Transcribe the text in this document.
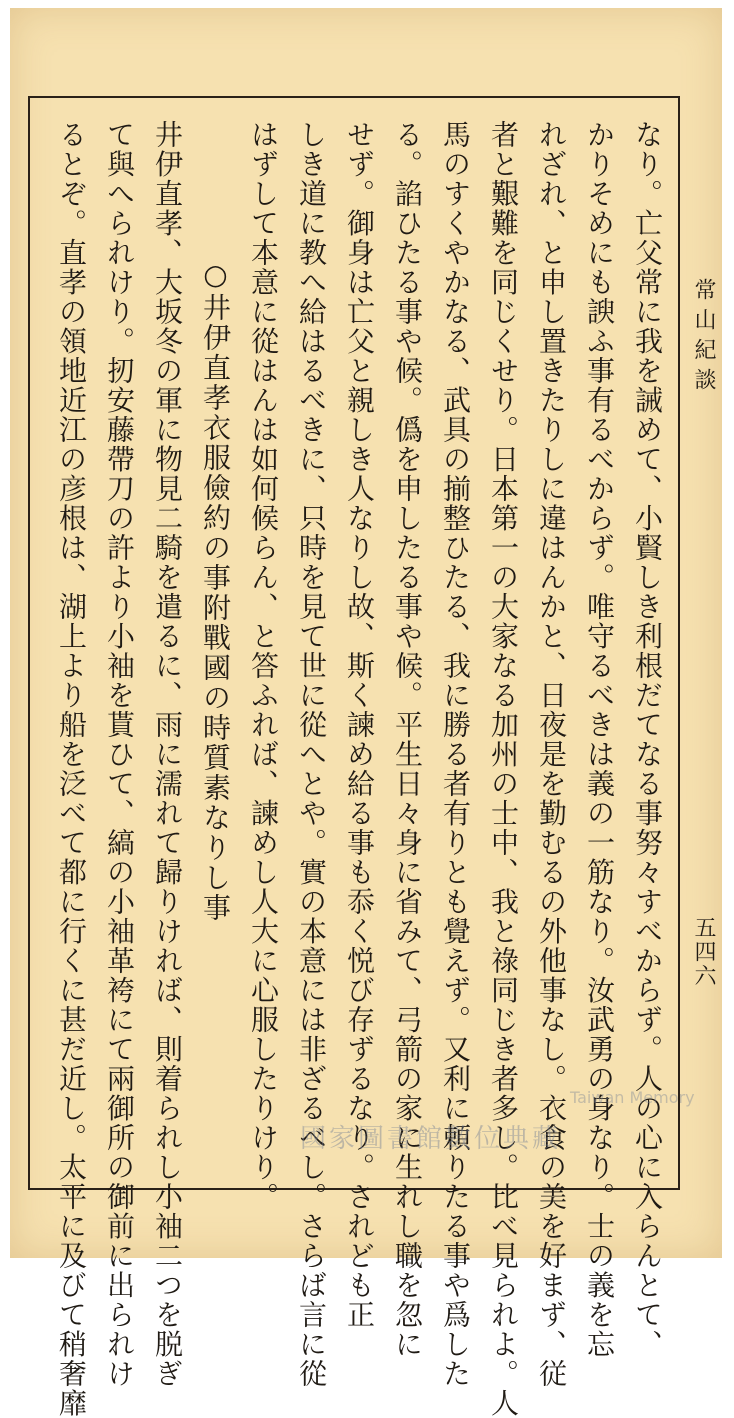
なり。亡父常に我を誡めて、小賢しき利根だてなる事努々すべからず。人の心に入らんとて、
かりそめにも諛ふ事有るべからず。唯守るべきは義の一筋なり。汝武勇の身なり。士の義を忘
れざれ、と申し置きたりしに違はんかと、日夜是を勤むるの外他事なし。衣食の美を好まず、従
者と艱難を同じくせり。日本第一の大家なる加州の士中、我と祿同じき者多し。比べ見られよ。人
馬のすくやかなる、武具の揃整ひたる、我に勝る者有りとも覺えず。又利に頼りたる事や爲した
る。諂ひたる事や候。僞を申したる事や候。平生日々身に省みて、弓箭の家に生れし職を忽に
せず。御身は亡父と親しき人なりし故、斯く諫め給る事も忝く悦び存ずるなり。されども正
しき道に教へ給はるべきに、只時を見て世に從へとや。實の本意には非ざるべし。さらば言に從
はずして本意に從はんは如何候らん、と答ふれば、諫めし人大に心服したりけり。
○井伊直孝衣服儉約の事附戰國の時質素なりし事
井伊直孝、大坂冬の軍に物見二騎を遣るに、雨に濡れて歸りければ、則着られし小袖二つを脱ぎ
て與へられけり。扨安藤帶刀の許より小袖を貰ひて、縞の小袖革袴にて兩御所の御前に出られけ
るとぞ。直孝の領地近江の彦根は、湖上より船を泛べて都に行くに甚だ近し。太平に及びて稍奢靡	常山紀談
五四六
Taiwan Memory
國家圖書館數位典藏
